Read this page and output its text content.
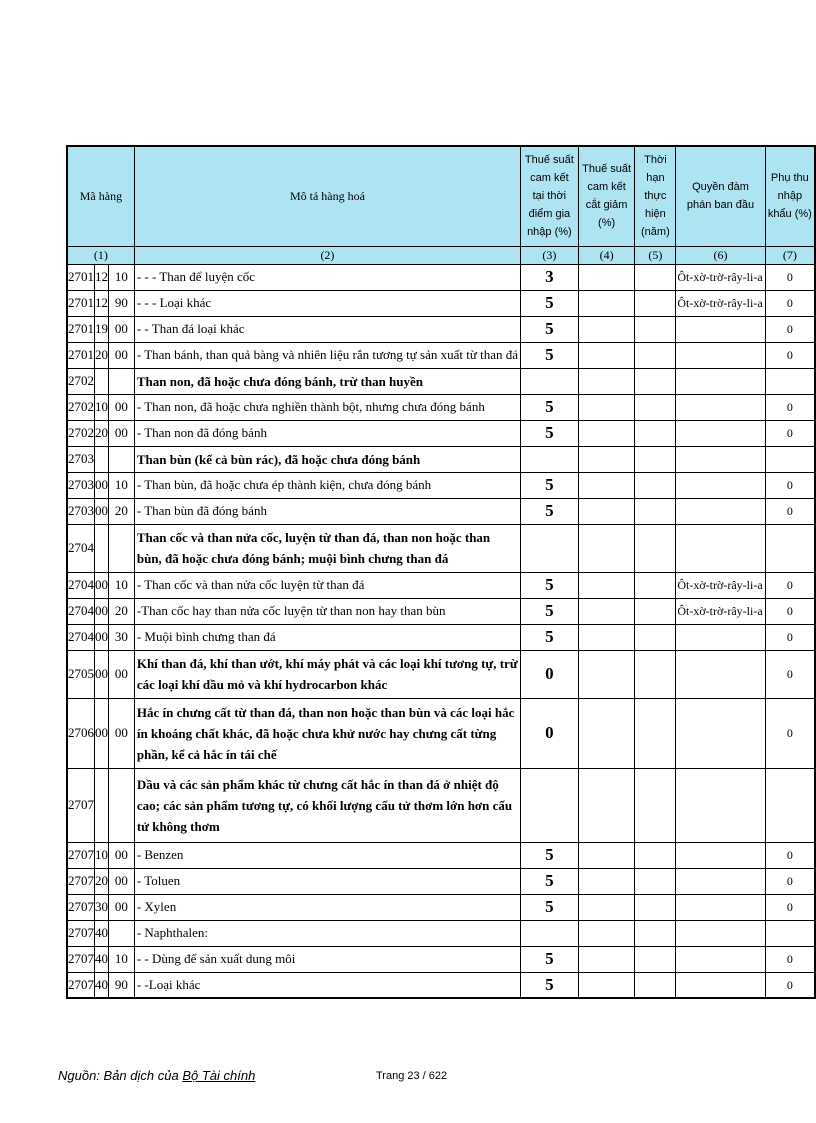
Mã hàng			Mô tả hàng hoá	Thuế suất cam kết tại thời điểm gia nhập (%)	Thuế suất cam kết cắt giảm (%)	Thời hạn thực hiện (năm)	Quyền đàm phán ban đầu	Phụ thu nhập khẩu (%)
(1)			(2)	(3)	(4)	(5)	(6)	(7)
2701	12	10	- - - Than để luyện cốc	3			Ôt-xờ-trờ-rây-li-a	0
2701	12	90	- - - Loại khác	5			Ôt-xờ-trờ-rây-li-a	0
2701	19	00	- - Than đá loại khác	5				0
2701	20	00	- Than bánh, than quả bàng và nhiên liệu rắn tương tự sản xuất từ than đá	5				0
2702			Than non, đã hoặc chưa đóng bánh, trừ than huyền					
2702	10	00	- Than non, đã hoặc chưa nghiền thành bột, nhưng chưa đóng bánh	5				0
2702	20	00	- Than non đã đóng bánh	5				0
2703			Than bùn (kể cả bùn rác), đã hoặc chưa đóng bánh					
2703	00	10	- Than bùn, đã hoặc chưa ép thành kiện, chưa đóng bánh	5				0
2703	00	20	- Than bùn đã đóng bánh	5				0
2704			Than cốc và than nửa cốc, luyện từ than đá, than non hoặc than bùn, đã hoặc chưa đóng bánh; muội bình chưng than đá					
2704	00	10	- Than cốc và than nửa cốc luyện từ than đá	5			Ôt-xờ-trờ-rây-li-a	0
2704	00	20	-Than cốc hay than nửa cốc luyện từ than non hay than bùn	5			Ôt-xờ-trờ-rây-li-a	0
2704	00	30	- Muội bình chưng than đá	5				0
2705	00	00	Khí than đá, khí than ướt, khí máy phát và các loại khí tương tự, trừ các loại khí dầu mỏ và khí hydrocarbon khác	0				0
2706	00	00	Hắc ín chưng cất từ than đá, than non hoặc than bùn và các loại hắc ín khoáng chất khác, đã hoặc chưa khử nước hay chưng cất từng phần, kể cả hắc ín tái chế	0				0
2707			Dầu và các sản phẩm khác từ chưng cất hắc ín than đá ở nhiệt độ cao; các sản phẩm tương tự, có khối lượng cấu tử thơm lớn hơn cấu tử không thơm					
2707	10	00	- Benzen	5				0
2707	20	00	- Toluen	5				0
2707	30	00	- Xylen	5				0
2707	40		- Naphthalen:					
2707	40	10	- - Dùng để sản xuất dung môi	5				0
2707	40	90	- -Loại khác	5				0
Nguồn: Bản dịch của Bộ Tài chính	Trang 23 / 622
